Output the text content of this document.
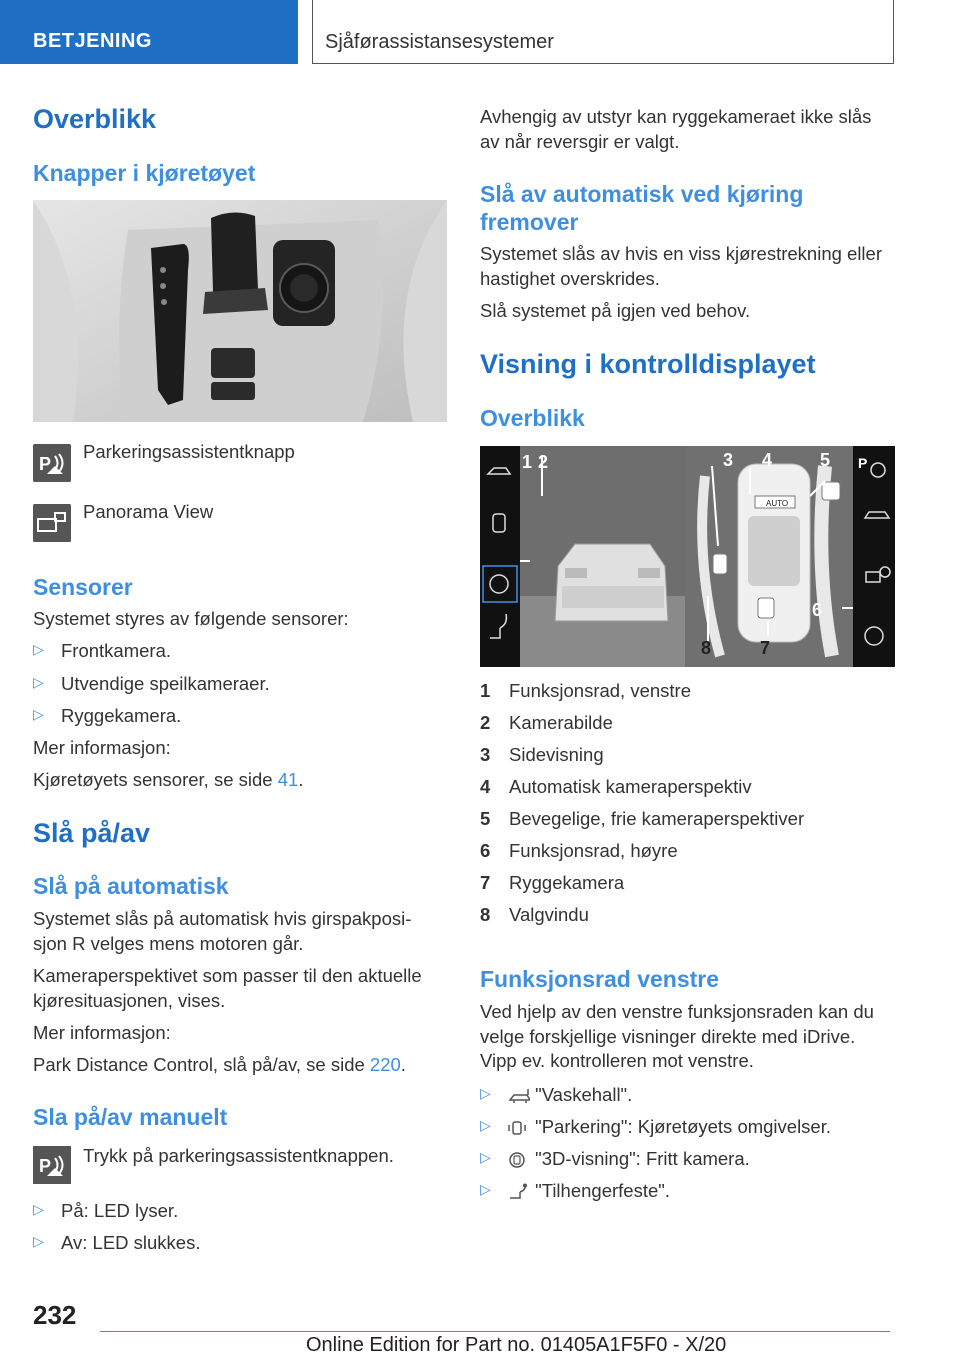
BETJENING	Sjåførassistansesystemer
Overblikk
Knapper i kjøretøyet
P
Parkeringsassistentknapp
Panorama View
Sensorer
Systemet styres av følgende sensorer:
▷ Frontkamera.
▷ Utvendige speilkameraer.
▷ Ryggekamera.
Mer informasjon:
Kjøretøyets sensorer, se side 41.
Slå på/av
Slå på automatisk
Systemet slås på automatisk hvis girspakposi-
sjon R velges mens motoren går.
Kameraperspektivet som passer til den aktuelle
kjøresituasjonen, vises.
Mer informasjon:
Park Distance Control, slå på/av, se side 220.
Sla på/av manuelt
P Trykk på parkeringsassistentknappen.
▷ På: LED lyser.
▷ Av: LED slukkes.
Avhengig av utstyr kan ryggekameraet ikke slås
av når reversgir er valgt.
Slå av automatisk ved kjøring
fremover
Systemet slås av hvis en viss kjørestrekning eller
hastighet overskrides.
Slå systemet på igjen ved behov.
Visning i kontrolldisplayet
Overblikk
AUTO
P
1 2	3 4	5
6
7
8
1 Funksjonsrad, venstre
2 Kamerabilde
3 Sidevisning
4 Automatisk kameraperspektiv
5 Bevegelige, frie kameraperspektiver
6 Funksjonsrad, høyre
7 Ryggekamera
8 Valgvindu
Funksjonsrad venstre
Ved hjelp av den venstre funksjonsraden kan du
velge forskjellige visninger direkte med iDrive.
Vipp ev. kontrolleren mot venstre.
▷	"Vaskehall".
▷	"Parkering": Kjøretøyets omgivelser.
▷	"3D-visning": Fritt kamera.
▷	"Tilhengerfeste".
232
Online Edition for Part no. 01405A1F5F0 - X/20
